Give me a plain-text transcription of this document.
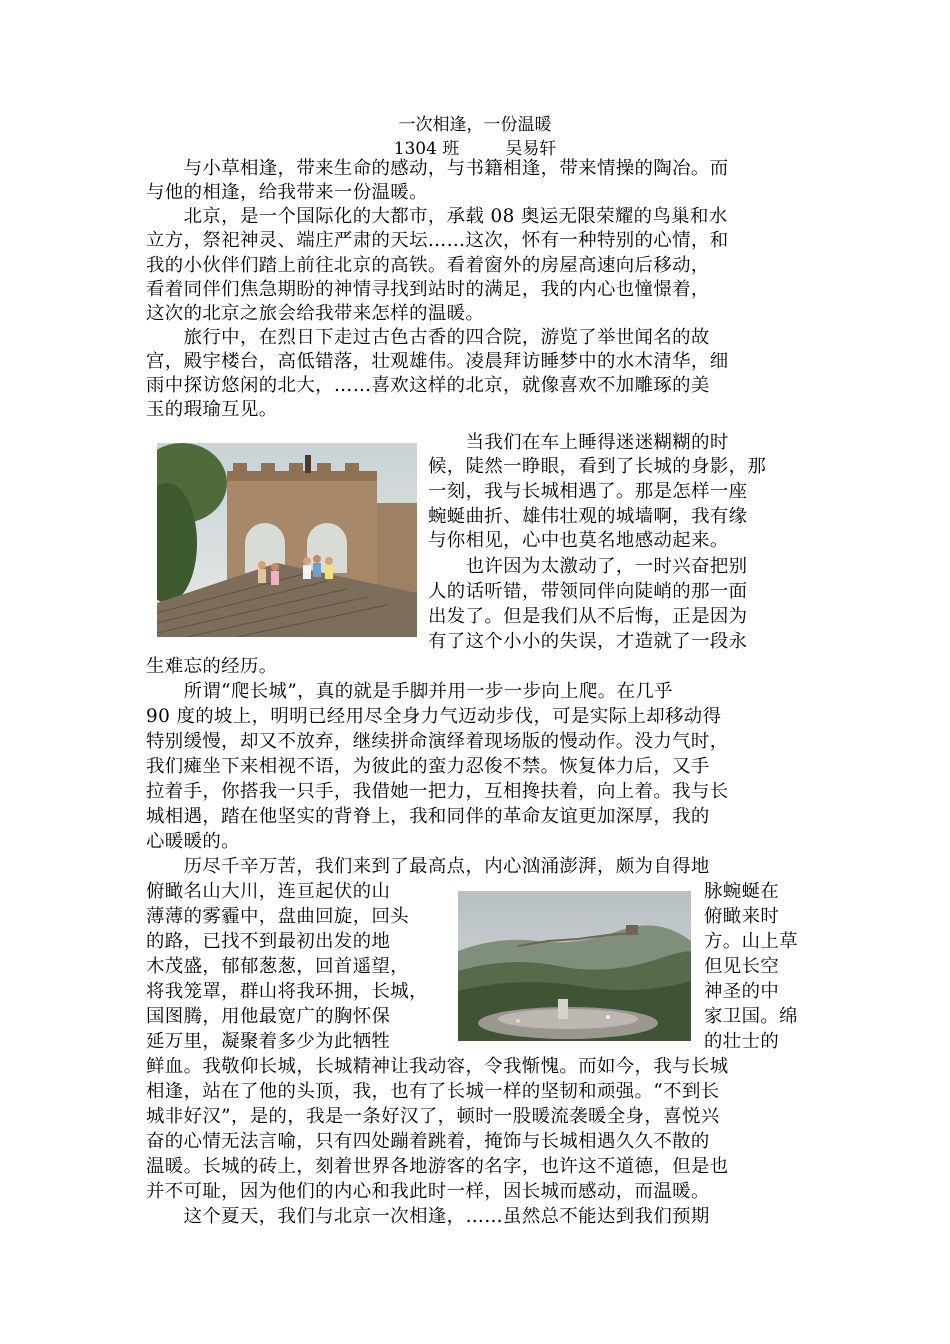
一次相逢，一份温暖
1304 班	吴易轩
　　与小草相逢，带来生命的感动，与书籍相逢，带来情操的陶冶。而
与他的相逢，给我带来一份温暖。
　　北京，是一个国际化的大都市，承载 08 奥运无限荣耀的鸟巢和水
立方，祭祀神灵、端庄严肃的天坛……这次，怀有一种特别的心情，和
我的小伙伴们踏上前往北京的高铁。看着窗外的房屋高速向后移动，
看着同伴们焦急期盼的神情寻找到站时的满足，我的内心也憧憬着，
这次的北京之旅会给我带来怎样的温暖。
　　旅行中，在烈日下走过古色古香的四合院，游览了举世闻名的故
宫，殿宇楼台，高低错落，壮观雄伟。凌晨拜访睡梦中的水木清华，细
雨中探访悠闲的北大，……喜欢这样的北京，就像喜欢不加雕琢的美
玉的瑕瑜互见。
　　当我们在车上睡得迷迷糊糊的时
候，陡然一睁眼，看到了长城的身影，那
一刻，我与长城相遇了。那是怎样一座
蜿蜒曲折、雄伟壮观的城墙啊，我有缘
与你相见，心中也莫名地感动起来。
　　也许因为太激动了，一时兴奋把别
人的话听错，带领同伴向陡峭的那一面
出发了。但是我们从不后悔，正是因为
有了这个小小的失误，才造就了一段永
生难忘的经历。
　　所谓“爬长城”，真的就是手脚并用一步一步向上爬。在几乎
90 度的坡上，明明已经用尽全身力气迈动步伐，可是实际上却移动得
特别缓慢，却又不放弃，继续拼命演绎着现场版的慢动作。没力气时，
我们瘫坐下来相视不语，为彼此的蛮力忍俊不禁。恢复体力后，又手
拉着手，你搭我一只手，我借她一把力，互相搀扶着，向上着。我与长
城相遇，踏在他坚实的背脊上，我和同伴的革命友谊更加深厚，我的
心暖暖的。
　　历尽千辛万苦，我们来到了最高点，内心汹涌澎湃，颇为自得地
俯瞰名山大川，连亘起伏的山	脉蜿蜒在
薄薄的雾霾中，盘曲回旋，回头	俯瞰来时
的路，已找不到最初出发的地	方。山上草
木茂盛，郁郁葱葱，回首遥望，	但见长空
将我笼罩，群山将我环拥，长城，	神圣的中
国图腾，用他最宽广的胸怀保	家卫国。绵
延万里，凝聚着多少为此牺牲	的壮士的
鲜血。我敬仰长城，长城精神让我动容，令我惭愧。而如今，我与长城
相逢，站在了他的头顶，我，也有了长城一样的坚韧和顽强。“不到长
城非好汉”，是的，我是一条好汉了，顿时一股暖流袭暖全身，喜悦兴
奋的心情无法言喻，只有四处蹦着跳着，掩饰与长城相遇久久不散的
温暖。长城的砖上，刻着世界各地游客的名字，也许这不道德，但是也
并不可耻，因为他们的内心和我此时一样，因长城而感动，而温暖。
　　这个夏天，我们与北京一次相逢，……虽然总不能达到我们预期
